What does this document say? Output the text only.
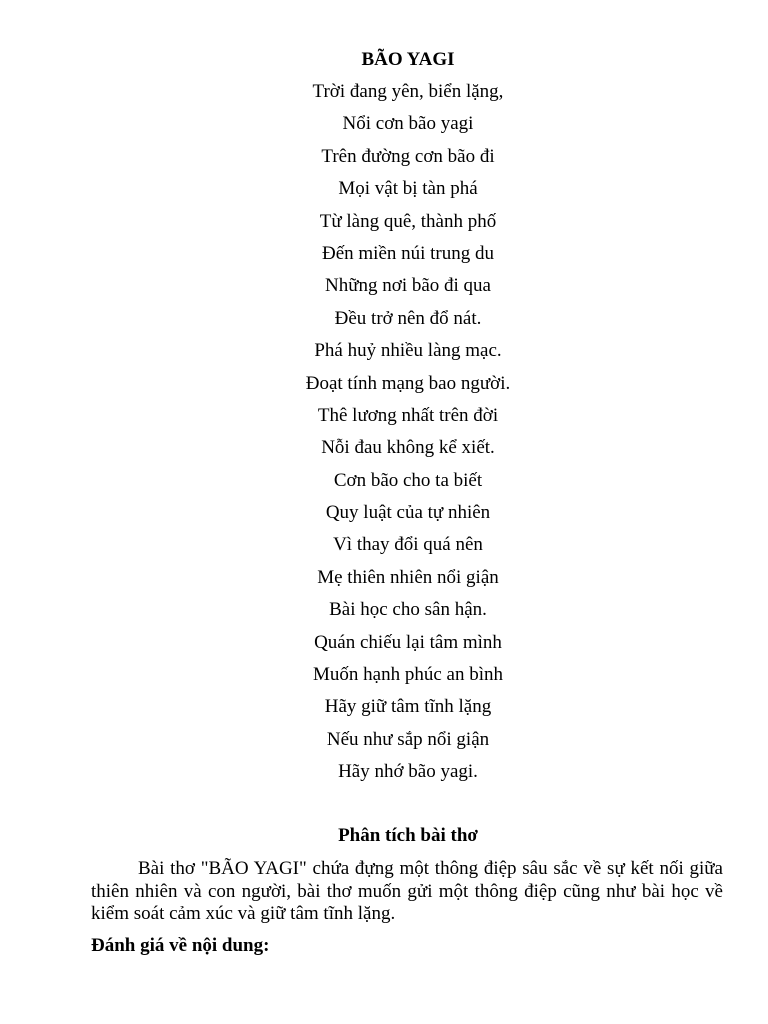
BÃO YAGI
Trời đang yên, biển lặng,
Nổi cơn bão yagi
Trên đường cơn bão đi
Mọi vật bị tàn phá
Từ làng quê, thành phố
Đến miền núi trung du
Những nơi bão đi qua
Đều trở nên đổ nát.
Phá huỷ nhiều làng mạc.
Đoạt tính mạng bao người.
Thê lương nhất trên đời
Nỗi đau không kể xiết.
Cơn bão cho ta biết
Quy luật của tự nhiên
Vì thay đổi quá nên
Mẹ thiên nhiên nổi giận
Bài học cho sân hận.
Quán chiếu lại tâm mình
Muốn hạnh phúc an bình
Hãy giữ tâm tĩnh lặng
Nếu như sắp nổi giận
Hãy nhớ bão yagi.
Phân tích bài thơ

Bài thơ "BÃO YAGI" chứa đựng một thông điệp sâu sắc về sự kết nối giữa thiên nhiên và con người, bài thơ muốn gửi một thông điệp cũng như bài học về kiểm soát cảm xúc và giữ tâm tĩnh lặng.

Đánh giá về nội dung:
